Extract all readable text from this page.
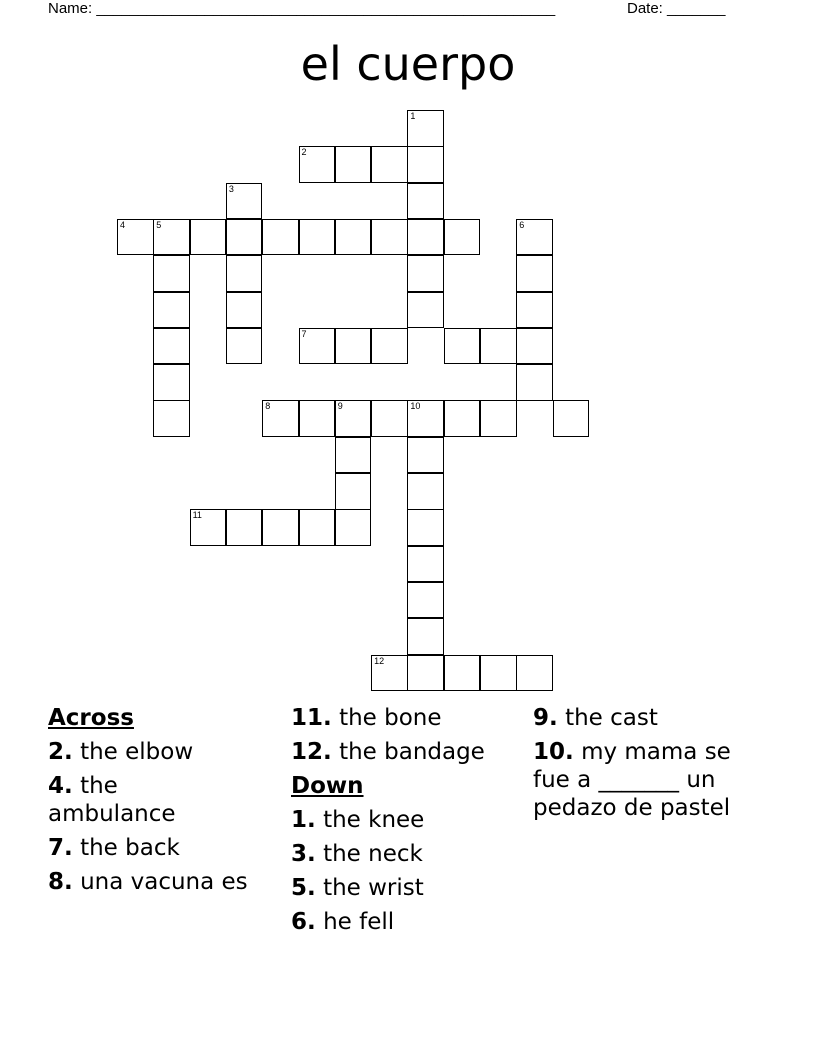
Name: _______________________________________________________	Date: _______
el cuerpo
1
2
3
4	5	6
7
8	9	10
11
12
Across
2. the elbow
4. the ambulance
7. the back
8. una vacuna es
11. the bone
12. the bandage
Down
1. the knee
3. the neck
5. the wrist
6. he fell
9. the cast
10. my mama se fue a _______ un pedazo de pastel
